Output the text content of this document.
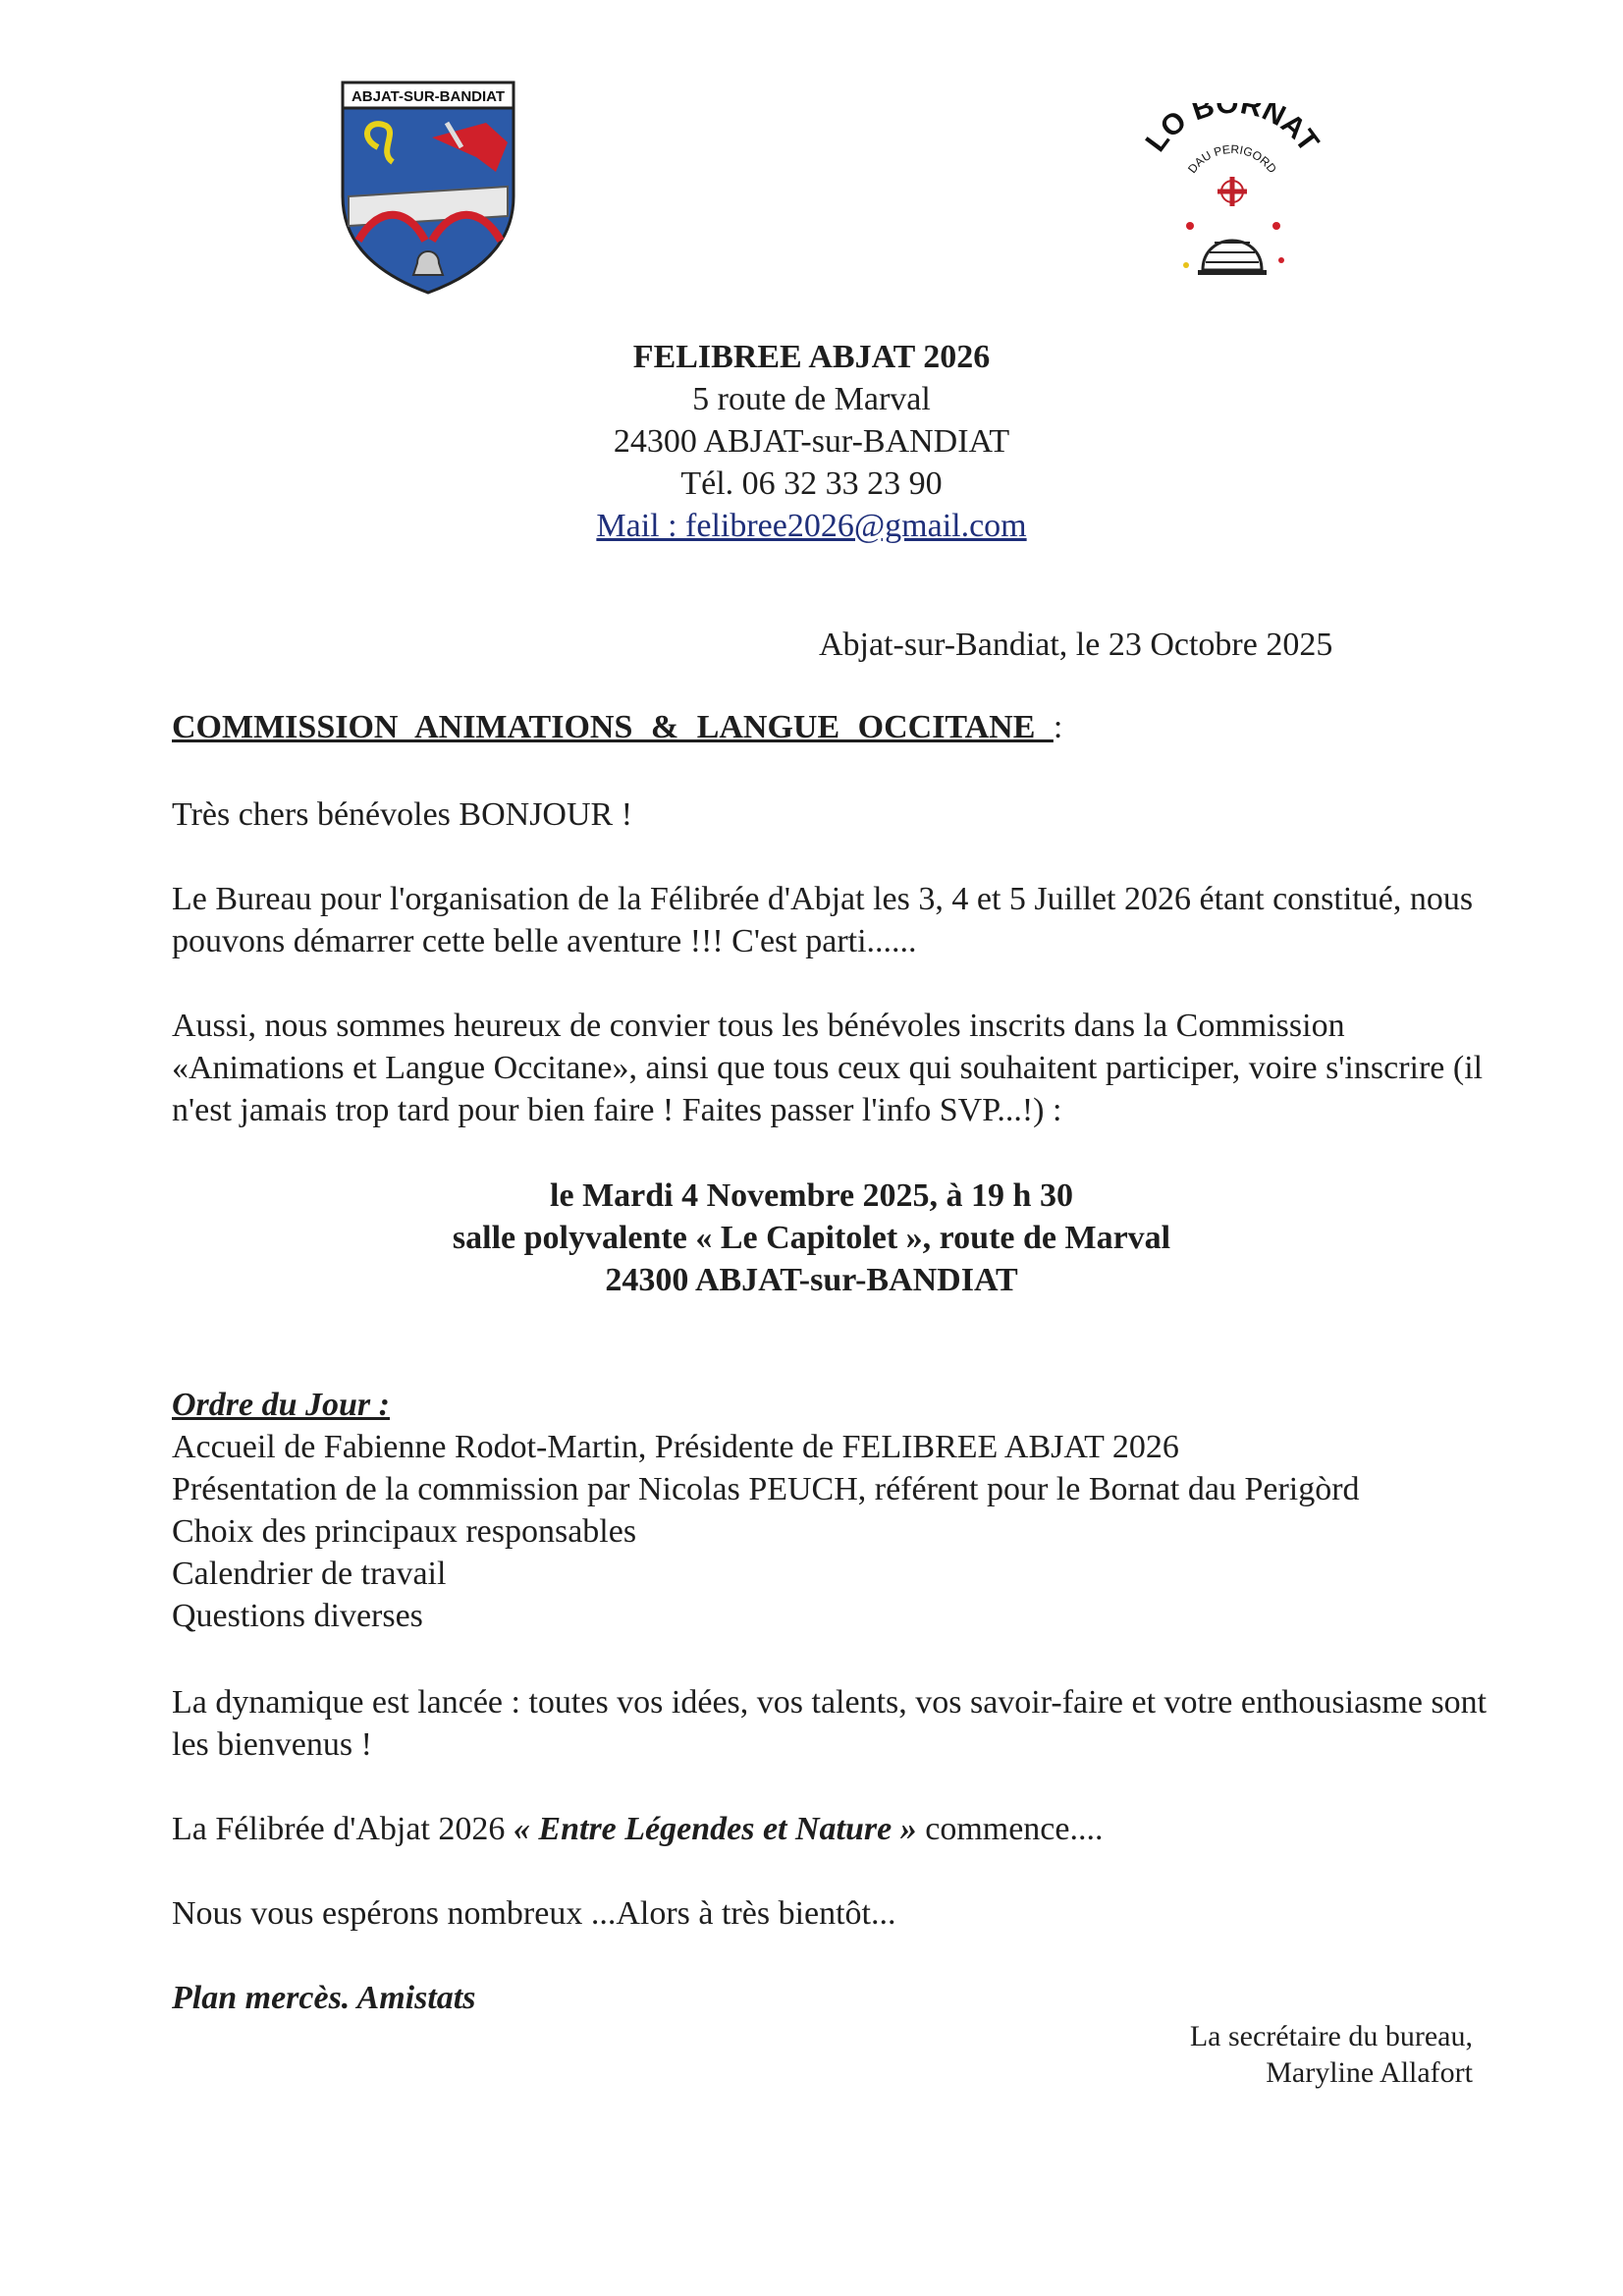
ABJAT-SUR-BANDIAT
LO BORNAT
DAU PERIGORD
FELIBREE ABJAT 2026
5 route de Marval
24300 ABJAT-sur-BANDIAT
Tél. 06 32 33 23 90
Mail : felibree2026@gmail.com
Abjat-sur-Bandiat, le 23 Octobre 2025
COMMISSION ANIMATIONS & LANGUE OCCITANE :
Très chers bénévoles BONJOUR !
Le Bureau pour l'organisation de la Félibrée d'Abjat les 3, 4 et 5 Juillet 2026 étant constitué, nous pouvons démarrer cette belle aventure !!! C'est parti......
Aussi, nous sommes heureux de convier tous les bénévoles inscrits dans la Commission «Animations et Langue Occitane», ainsi que tous ceux qui souhaitent participer, voire s'inscrire (il n'est jamais trop tard pour bien faire ! Faites passer l'info SVP...!) :
le Mardi 4 Novembre 2025, à 19 h 30
salle polyvalente « Le Capitolet », route de Marval
24300 ABJAT-sur-BANDIAT
Ordre du Jour :
Accueil de Fabienne Rodot-Martin, Présidente de FELIBREE ABJAT 2026
Présentation de la commission par Nicolas PEUCH, référent pour le Bornat dau Perigòrd
Choix des principaux responsables
Calendrier de travail
Questions diverses
La dynamique est lancée : toutes vos idées, vos talents, vos savoir-faire et votre enthousiasme sont les bienvenus !
La Félibrée d'Abjat 2026 « Entre Légendes et Nature » commence....
Nous vous espérons nombreux ...Alors à très bientôt...
Plan mercès. Amistats
La secrétaire du bureau,
Maryline Allafort
